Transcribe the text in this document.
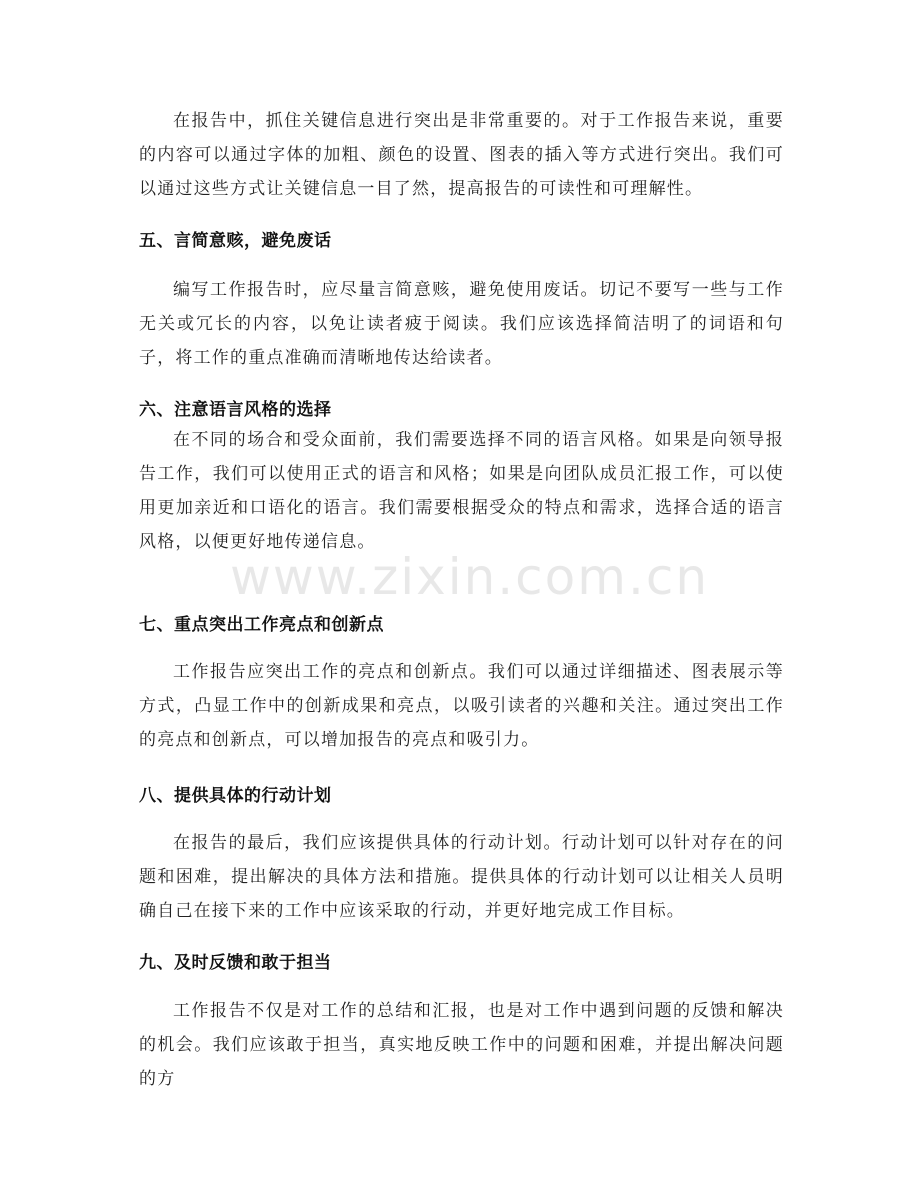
在报告中，抓住关键信息进行突出是非常重要的。对于工作报告来说，重要的内容可以通过字体的加粗、颜色的设置、图表的插入等方式进行突出。我们可以通过这些方式让关键信息一目了然，提高报告的可读性和可理解性。

五、言简意赅，避免废话

编写工作报告时，应尽量言简意赅，避免使用废话。切记不要写一些与工作无关或冗长的内容，以免让读者疲于阅读。我们应该选择简洁明了的词语和句子，将工作的重点准确而清晰地传达给读者。

六、注意语言风格的选择

在不同的场合和受众面前，我们需要选择不同的语言风格。如果是向领导报告工作，我们可以使用正式的语言和风格；如果是向团队成员汇报工作，可以使用更加亲近和口语化的语言。我们需要根据受众的特点和需求，选择合适的语言风格，以便更好地传递信息。

七、重点突出工作亮点和创新点

工作报告应突出工作的亮点和创新点。我们可以通过详细描述、图表展示等方式，凸显工作中的创新成果和亮点，以吸引读者的兴趣和关注。通过突出工作的亮点和创新点，可以增加报告的亮点和吸引力。

八、提供具体的行动计划

在报告的最后，我们应该提供具体的行动计划。行动计划可以针对存在的问题和困难，提出解决的具体方法和措施。提供具体的行动计划可以让相关人员明确自己在接下来的工作中应该采取的行动，并更好地完成工作目标。

九、及时反馈和敢于担当

工作报告不仅是对工作的总结和汇报，也是对工作中遇到问题的反馈和解决的机会。我们应该敢于担当，真实地反映工作中的问题和困难，并提出解决问题的方

www.zixin.com.cn
